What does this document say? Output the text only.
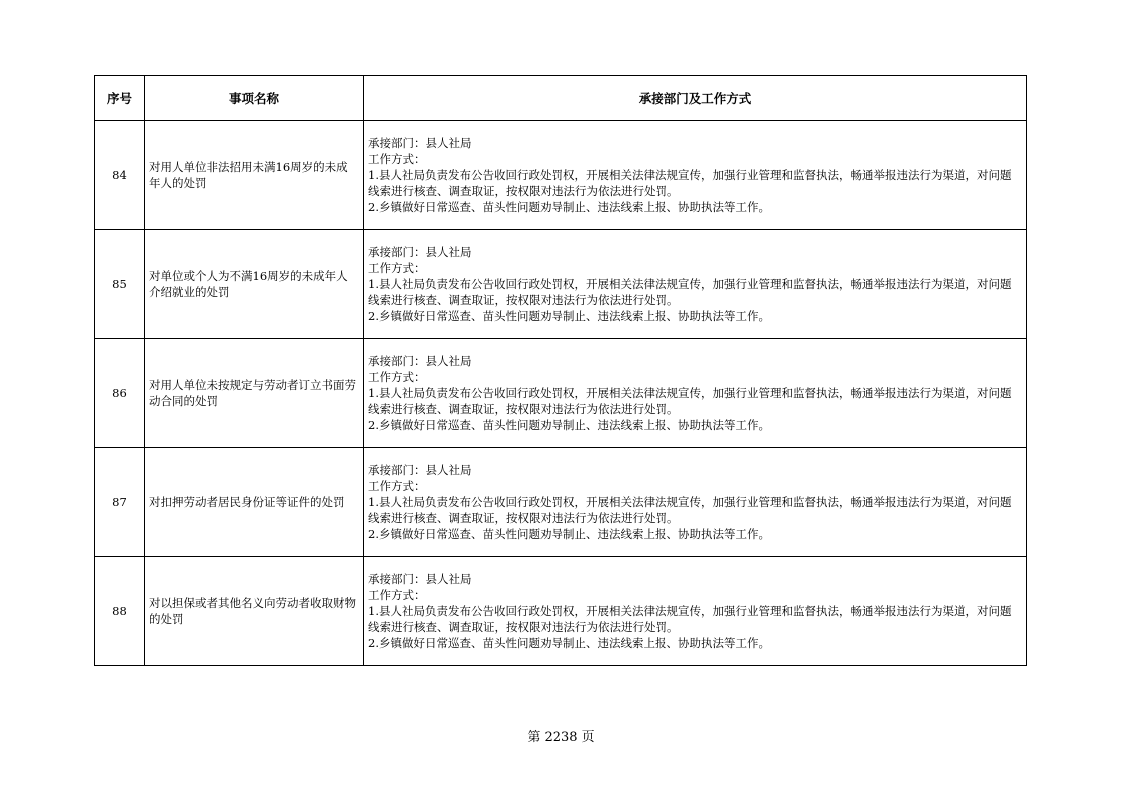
序号	事项名称	承接部门及工作方式
84	对用人单位非法招用未满16周岁的未成年人的处罚	承接部门：县人社局
工作方式：
1.县人社局负责发布公告收回行政处罚权，开展相关法律法规宣传，加强行业管理和监督执法，畅通举报违法行为渠道，对问题线索进行核查、调查取证，按权限对违法行为依法进行处罚。
2.乡镇做好日常巡查、苗头性问题劝导制止、违法线索上报、协助执法等工作。

85	对单位或个人为不满16周岁的未成年人介绍就业的处罚	承接部门：县人社局
工作方式：
1.县人社局负责发布公告收回行政处罚权，开展相关法律法规宣传，加强行业管理和监督执法，畅通举报违法行为渠道，对问题线索进行核查、调查取证，按权限对违法行为依法进行处罚。
2.乡镇做好日常巡查、苗头性问题劝导制止、违法线索上报、协助执法等工作。

86	对用人单位未按规定与劳动者订立书面劳动合同的处罚	承接部门：县人社局
工作方式：
1.县人社局负责发布公告收回行政处罚权，开展相关法律法规宣传，加强行业管理和监督执法，畅通举报违法行为渠道，对问题线索进行核查、调查取证，按权限对违法行为依法进行处罚。
2.乡镇做好日常巡查、苗头性问题劝导制止、违法线索上报、协助执法等工作。

87	对扣押劳动者居民身份证等证件的处罚	承接部门：县人社局
工作方式：
1.县人社局负责发布公告收回行政处罚权，开展相关法律法规宣传，加强行业管理和监督执法，畅通举报违法行为渠道，对问题线索进行核查、调查取证，按权限对违法行为依法进行处罚。
2.乡镇做好日常巡查、苗头性问题劝导制止、违法线索上报、协助执法等工作。

88	对以担保或者其他名义向劳动者收取财物的处罚	承接部门：县人社局
工作方式：
1.县人社局负责发布公告收回行政处罚权，开展相关法律法规宣传，加强行业管理和监督执法，畅通举报违法行为渠道，对问题线索进行核查、调查取证，按权限对违法行为依法进行处罚。
2.乡镇做好日常巡查、苗头性问题劝导制止、违法线索上报、协助执法等工作。
第 2238 页
